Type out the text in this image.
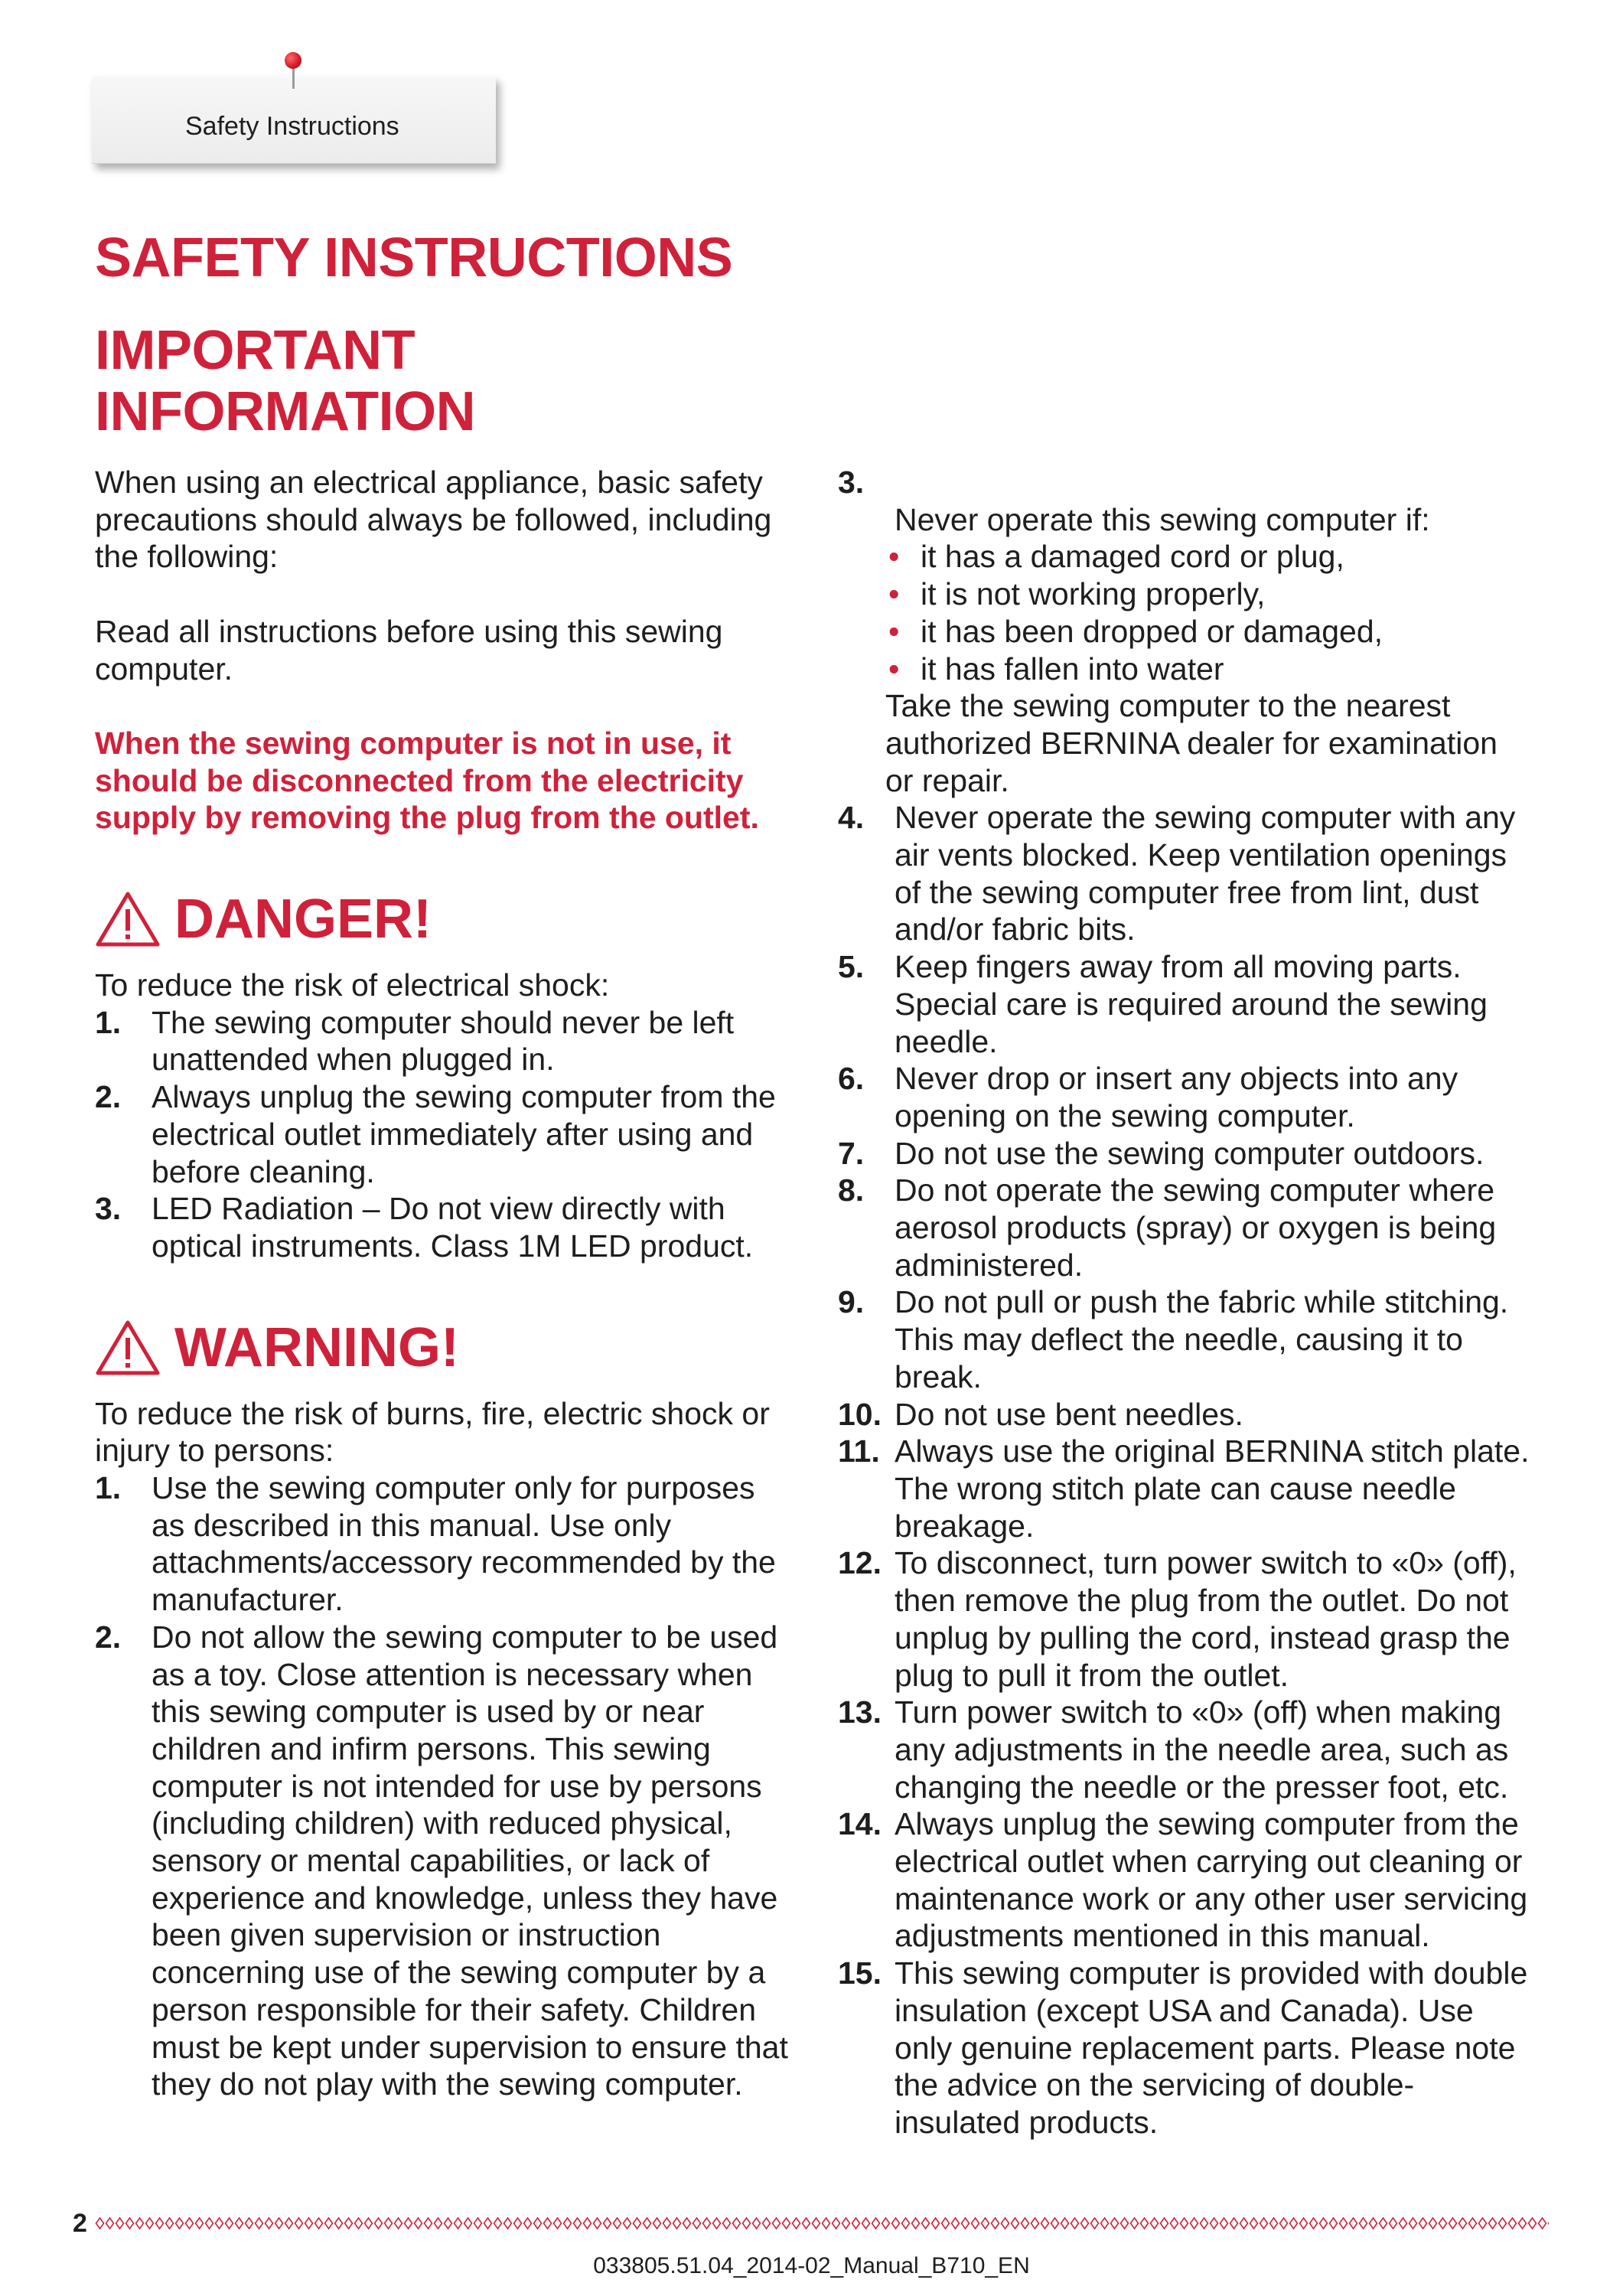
Safety Instructions
SAFETY INSTRUCTIONS
IMPORTANT
INFORMATION

When using an electrical appliance, basic safety
precautions should always be followed, including
the following:

Read all instructions before using this sewing
computer.

When the sewing computer is not in use, it
should be disconnected from the electricity
supply by removing the plug from the outlet.

DANGER!

To reduce the risk of electrical shock:

1. The sewing computer should never be left
unattended when plugged in.
2. Always unplug the sewing computer from the
electrical outlet immediately after using and
before cleaning.
3. LED Radiation – Do not view directly with
optical instruments. Class 1M LED product.
WARNING!

To reduce the risk of burns, fire, electric shock or
injury to persons:

1. Use the sewing computer only for purposes
as described in this manual. Use only
attachments/accessory recommended by the
manufacturer.
2. Do not allow the sewing computer to be used
as a toy. Close attention is necessary when
this sewing computer is used by or near
children and infirm persons. This sewing
computer is not intended for use by persons
(including children) with reduced physical,
sensory or mental capabilities, or lack of
experience and knowledge, unless they have
been given supervision or instruction
concerning use of the sewing computer by a
person responsible for their safety. Children
must be kept under supervision to ensure that
they do not play with the sewing computer.

3.
Never operate this sewing computer if:

• it has a damaged cord or plug,
• it is not working properly,
• it has been dropped or damaged,
• it has fallen into water
Take the sewing computer to the nearest
authorized BERNINA dealer for examination
or repair.
4. Never operate the sewing computer with any
air vents blocked. Keep ventilation openings
of the sewing computer free from lint, dust
and/or fabric bits.
5. Keep fingers away from all moving parts.
Special care is required around the sewing
needle.
6. Never drop or insert any objects into any
opening on the sewing computer.
7. Do not use the sewing computer outdoors.
8. Do not operate the sewing computer where
aerosol products (spray) or oxygen is being
administered.
9. Do not pull or push the fabric while stitching.
This may deflect the needle, causing it to
break.
10. Do not use bent needles.
11. Always use the original BERNINA stitch plate.
The wrong stitch plate can cause needle
breakage.
12. To disconnect, turn power switch to «0» (off),
then remove the plug from the outlet. Do not
unplug by pulling the cord, instead grasp the
plug to pull it from the outlet.
13. Turn power switch to «0» (off) when making
any adjustments in the needle area, such as
changing the needle or the presser foot, etc.
14. Always unplug the sewing computer from the
electrical outlet when carrying out cleaning or
maintenance work or any other user servicing
adjustments mentioned in this manual.
15. This sewing computer is provided with double
insulation (except USA and Canada). Use
only genuine replacement parts. Please note
the advice on the servicing of double-
insulated products.
2
033805.51.04_2014-02_Manual_B710_EN
